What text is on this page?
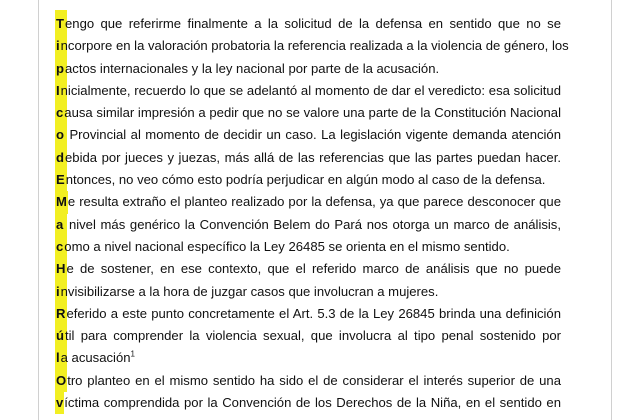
Tengo que referirme finalmente a la solicitud de la defensa en sentido que no se
incorpore en la valoración probatoria la referencia realizada a la violencia de género, los
pactos internacionales y la ley nacional por parte de la acusación.
Inicialmente, recuerdo lo que se adelantó al momento de dar el veredicto: esa solicitud
causa similar impresión a pedir que no se valore una parte de la Constitución Nacional
o Provincial al momento de decidir un caso. La legislación vigente demanda atención
debida por jueces y juezas, más allá de las referencias que las partes puedan hacer.
Entonces, no veo cómo esto podría perjudicar en algún modo al caso de la defensa.
Me resulta extraño el planteo realizado por la defensa, ya que parece desconocer que
a nivel más genérico la Convención Belem do Pará nos otorga un marco de análisis,
como a nivel nacional específico la Ley 26485 se orienta en el mismo sentido.
He de sostener, en ese contexto, que el referido marco de análisis que no puede
invisibilizarse a la hora de juzgar casos que involucran a mujeres.
Referido a este punto concretamente el Art. 5.3 de la Ley 26845 brinda una definición
útil para comprender la violencia sexual, que involucra al tipo penal sostenido por
la acusación$^1$
Otro planteo en el mismo sentido ha sido el de considerar el interés superior de una
víctima comprendida por la Convención de los Derechos de la Niña, en el sentido en
